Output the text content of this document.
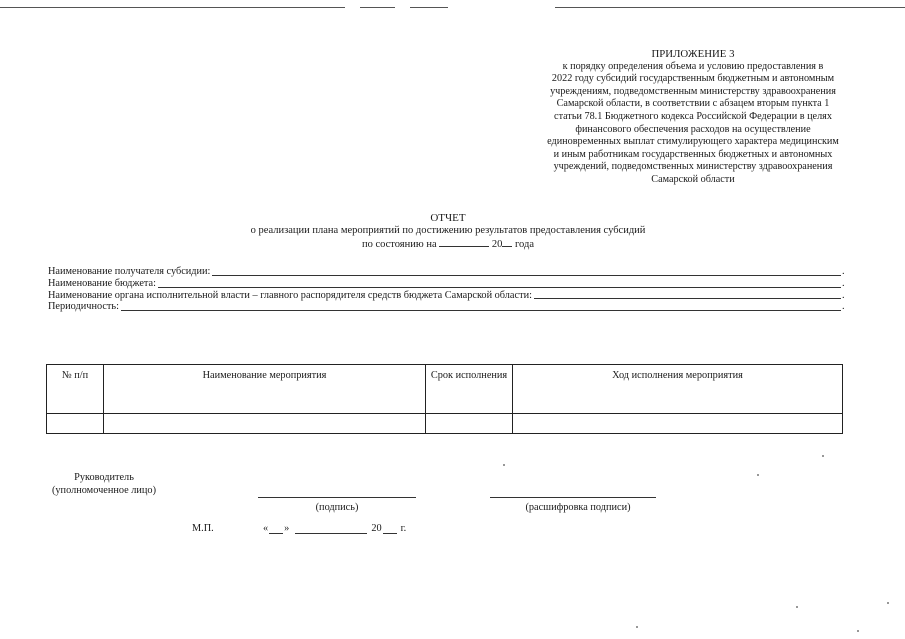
ПРИЛОЖЕНИЕ 3
к порядку определения объема и условию предоставления в
2022 году субсидий государственным бюджетным и автономным
учреждениям, подведомственным министерству здравоохранения
Самарской области, в соответствии с абзацем вторым пункта 1
статьи 78.1 Бюджетного кодекса Российской Федерации в целях
финансового обеспечения расходов на осуществление
единовременных выплат стимулирующего характера медицинским
и иным работникам государственных бюджетных и автономных
учреждений, подведомственных министерству здравоохранения
Самарской области
ОТЧЕТ
о реализации плана мероприятий по достижению результатов предоставления субсидий
по состоянию на	20 года
Наименование получателя субсидии:	.
Наименование бюджета:	.
Наименование органа исполнительной власти – главного распорядителя средств бюджета Самарской области:	.
Периодичность:	.
№ п/п	Наименование мероприятия	Срок исполнения	Ход исполнения мероприятия

Руководитель
(уполномоченное лицо)
(подпись)	(расшифровка подписи)
М.П.	« »	20 г.
